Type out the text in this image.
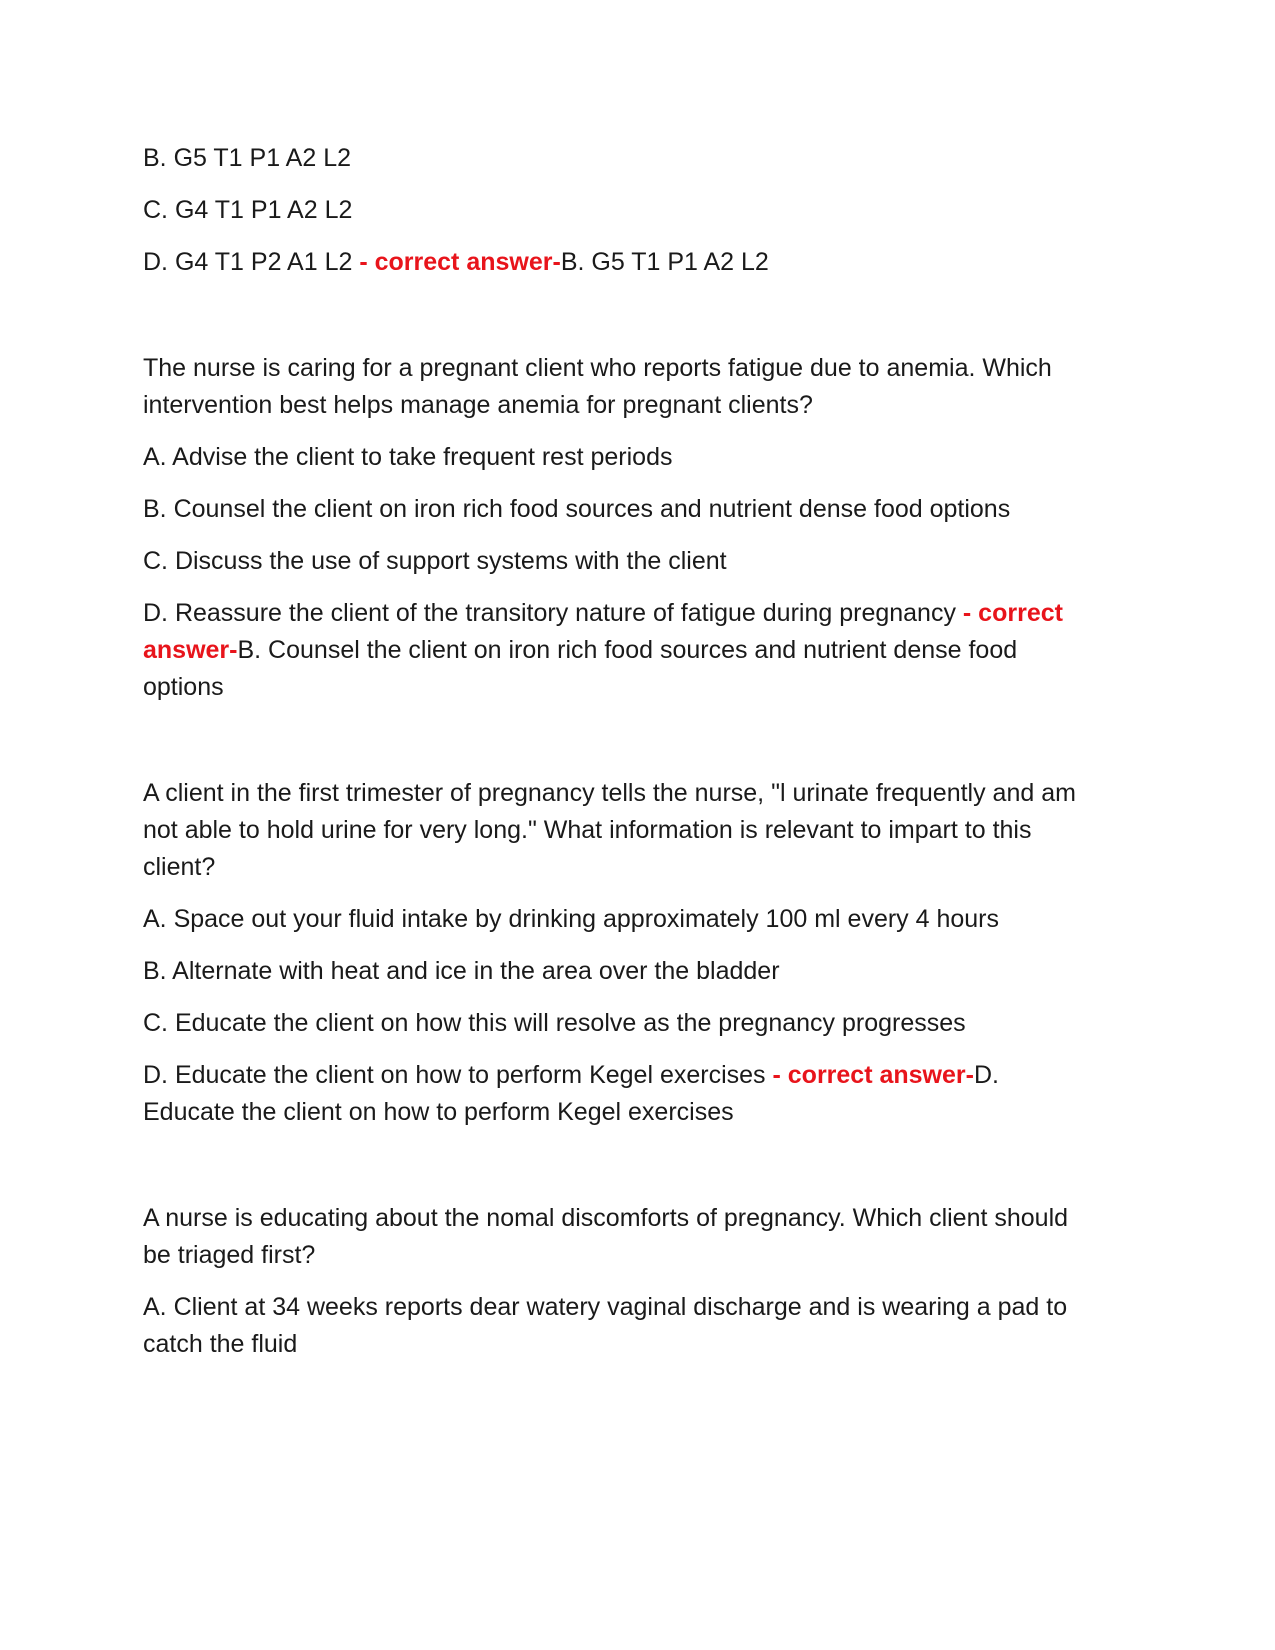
B. G5 T1 P1 A2 L2

C. G4 T1 P1 A2 L2

D. G4 T1 P2 A1 L2 - correct answer-B. G5 T1 P1 A2 L2

The nurse is caring for a pregnant client who reports fatigue due to anemia. Which intervention best helps manage anemia for pregnant clients?

A. Advise the client to take frequent rest periods

B. Counsel the client on iron rich food sources and nutrient dense food options

C. Discuss the use of support systems with the client

D. Reassure the client of the transitory nature of fatigue during pregnancy - correct answer-B. Counsel the client on iron rich food sources and nutrient dense food options

A client in the first trimester of pregnancy tells the nurse, "l urinate frequently and am not able to hold urine for very long." What information is relevant to impart to this client?

A. Space out your fluid intake by drinking approximately 100 ml every 4 hours

B. Alternate with heat and ice in the area over the bladder

C. Educate the client on how this will resolve as the pregnancy progresses

D. Educate the client on how to perform Kegel exercises - correct answer-D. Educate the client on how to perform Kegel exercises

A nurse is educating about the nomal discomforts of pregnancy. Which client should be triaged first?

A. Client at 34 weeks reports dear watery vaginal discharge and is wearing a pad to catch the fluid
